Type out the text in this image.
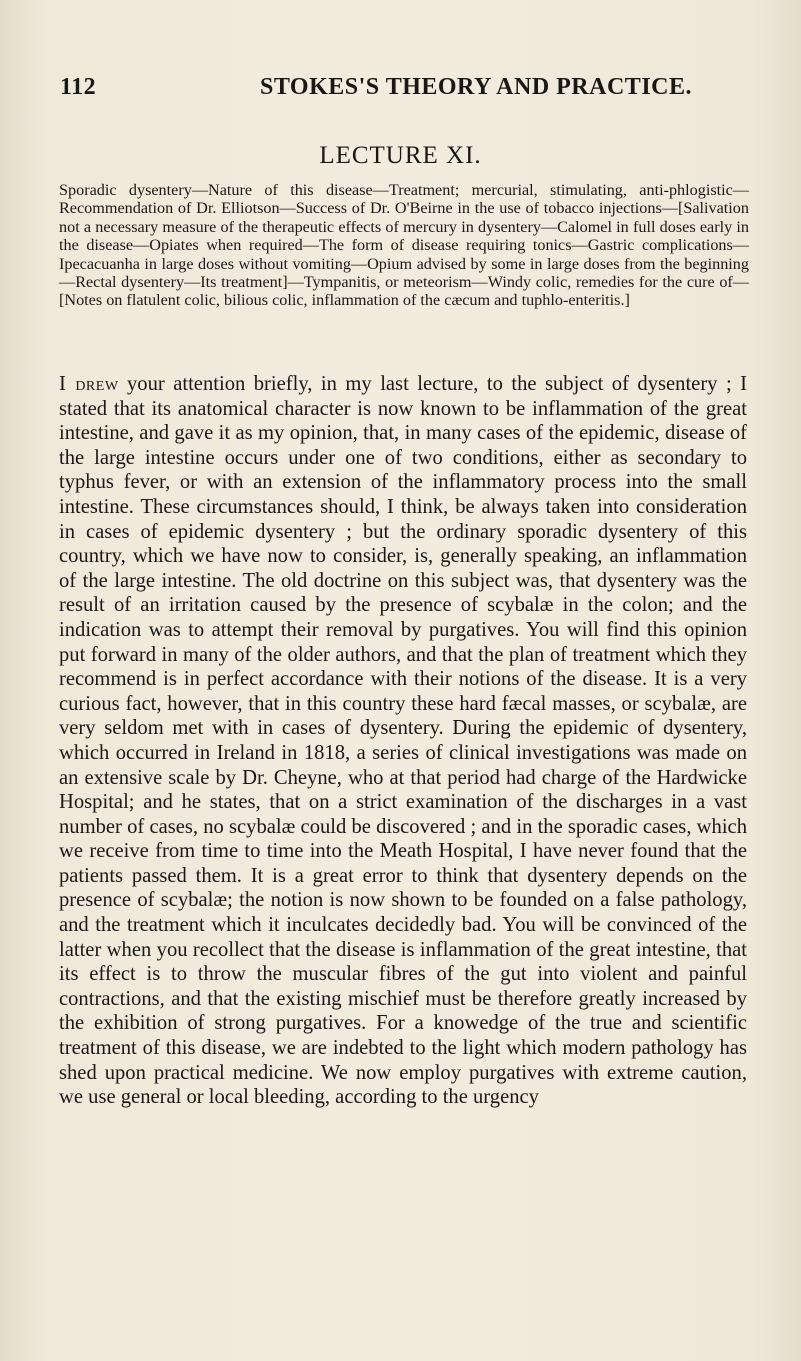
112	STOKES'S THEORY AND PRACTICE.
LECTURE XI.
Sporadic dysentery—Nature of this disease—Treatment; mercurial, stimulating, anti-phlogistic—Recommendation of Dr. Elliotson—Success of Dr. O'Beirne in the use of tobacco injections—[Salivation not a necessary measure of the therapeutic effects of mercury in dysentery—Calomel in full doses early in the disease—Opiates when required—The form of disease requiring tonics—Gastric complications—Ipecacuanha in large doses without vomiting—Opium advised by some in large doses from the beginning—Rectal dysentery—Its treatment]—Tympanitis, or meteorism—Windy colic, remedies for the cure of—[Notes on flatulent colic, bilious colic, inflammation of the cæcum and tuphlo-enteritis.]
I drew your attention briefly, in my last lecture, to the subject of dysentery ; I stated that its anatomical character is now known to be inflammation of the great intestine, and gave it as my opinion, that, in many cases of the epidemic, disease of the large intestine occurs under one of two conditions, either as secondary to typhus fever, or with an extension of the inflammatory process into the small intestine. These circumstances should, I think, be always taken into consideration in cases of epidemic dysentery ; but the ordinary sporadic dysentery of this country, which we have now to consider, is, generally speaking, an inflammation of the large intestine. The old doctrine on this subject was, that dysentery was the result of an irritation caused by the presence of scybalæ in the colon; and the indication was to attempt their removal by purgatives. You will find this opinion put forward in many of the older authors, and that the plan of treatment which they recommend is in perfect accordance with their notions of the disease. It is a very curious fact, however, that in this country these hard fæcal masses, or scybalæ, are very seldom met with in cases of dysentery. During the epidemic of dysentery, which occurred in Ireland in 1818, a series of clinical investigations was made on an extensive scale by Dr. Cheyne, who at that period had charge of the Hardwicke Hospital; and he states, that on a strict examination of the discharges in a vast number of cases, no scybalæ could be discovered ; and in the sporadic cases, which we receive from time to time into the Meath Hospital, I have never found that the patients passed them. It is a great error to think that dysentery depends on the presence of scybalæ; the notion is now shown to be founded on a false pathology, and the treatment which it inculcates decidedly bad. You will be convinced of the latter when you recollect that the disease is inflammation of the great intestine, that its effect is to throw the muscular fibres of the gut into violent and painful contractions, and that the existing mischief must be therefore greatly increased by the exhibition of strong purgatives. For a knowedge of the true and scientific treatment of this disease, we are indebted to the light which modern pathology has shed upon practical medicine. We now employ purgatives with extreme caution, we use general or local bleeding, according to the urgency
